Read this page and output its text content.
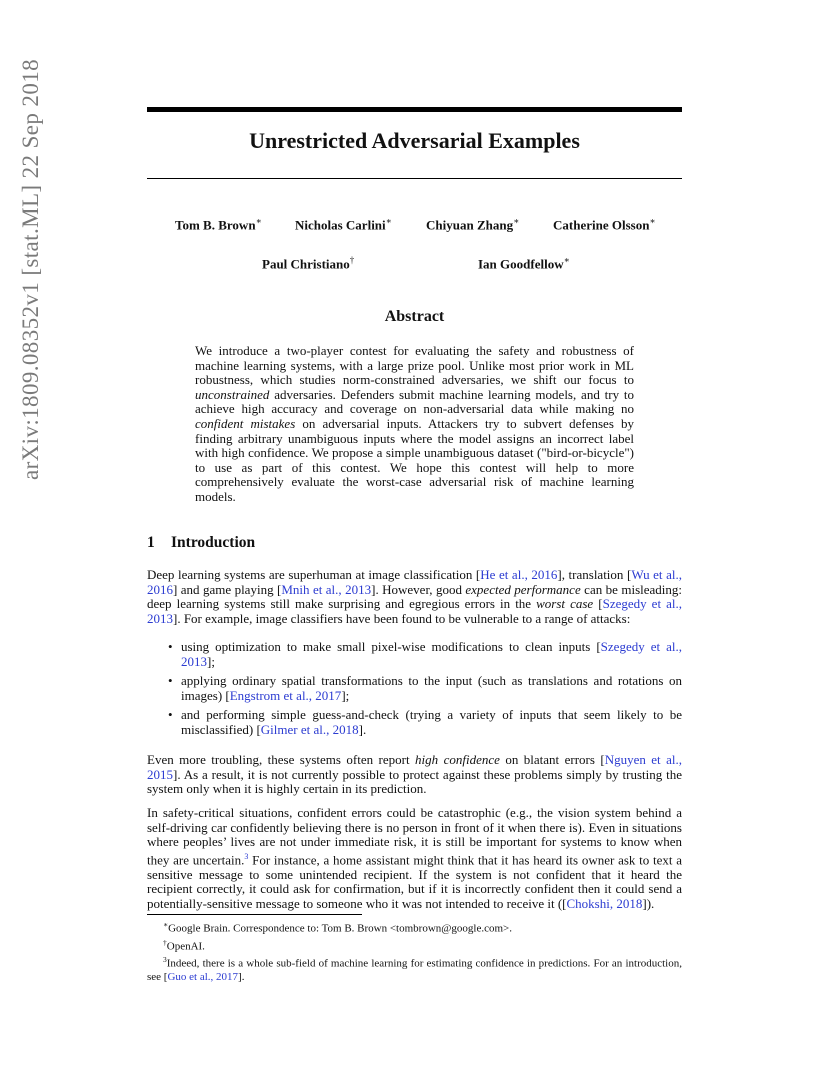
arXiv:1809.08352v1 [stat.ML] 22 Sep 2018	Unrestricted Adversarial Examples
Tom B. Brown∗	Nicholas Carlini∗	Chiyuan Zhang∗	Catherine Olsson∗
Paul Christiano†	Ian Goodfellow∗
Abstract
We introduce a two-player contest for evaluating the safety and robustness of machine learning systems, with a large prize pool. Unlike most prior work in ML robustness, which studies norm-constrained adversaries, we shift our focus to unconstrained adversaries. Defenders submit machine learning models, and try to achieve high accuracy and coverage on non-adversarial data while making no confident mistakes on adversarial inputs. Attackers try to subvert defenses by finding arbitrary unambiguous inputs where the model assigns an incorrect label with high confidence. We propose a simple unambiguous dataset ("bird-or-bicycle") to use as part of this contest. We hope this contest will help to more comprehensively evaluate the worst-case adversarial risk of machine learning models.
1 Introduction
Deep learning systems are superhuman at image classification [He et al., 2016], translation [Wu et al., 2016] and game playing [Mnih et al., 2013]. However, good expected performance can be misleading: deep learning systems still make surprising and egregious errors in the worst case [Szegedy et al., 2013]. For example, image classifiers have been found to be vulnerable to a range of attacks:
• using optimization to make small pixel-wise modifications to clean inputs [Szegedy et al., 2013];
• applying ordinary spatial transformations to the input (such as translations and rotations on images) [Engstrom et al., 2017];
• and performing simple guess-and-check (trying a variety of inputs that seem likely to be misclassified) [Gilmer et al., 2018].
Even more troubling, these systems often report high confidence on blatant errors [Nguyen et al., 2015]. As a result, it is not currently possible to protect against these problems simply by trusting the system only when it is highly certain in its prediction.
In safety-critical situations, confident errors could be catastrophic (e.g., the vision system behind a self-driving car confidently believing there is no person in front of it when there is). Even in situations where peoples’ lives are not under immediate risk, it is still be important for systems to know when they are uncertain.$^3$ For instance, a home assistant might think that it has heard its owner ask to text a sensitive message to some unintended recipient. If the system is not confident that it heard the recipient correctly, it could ask for confirmation, but if it is incorrectly confident then it could send a potentially-sensitive message to someone who it was not intended to receive it ([Chokshi, 2018]).

∗Google Brain. Correspondence to: Tom B. Brown <tombrown@google.com>.

†OpenAI.

$^3$Indeed, there is a whole sub-field of machine learning for estimating confidence in predictions. For an introduction, see [Guo et al., 2017].
